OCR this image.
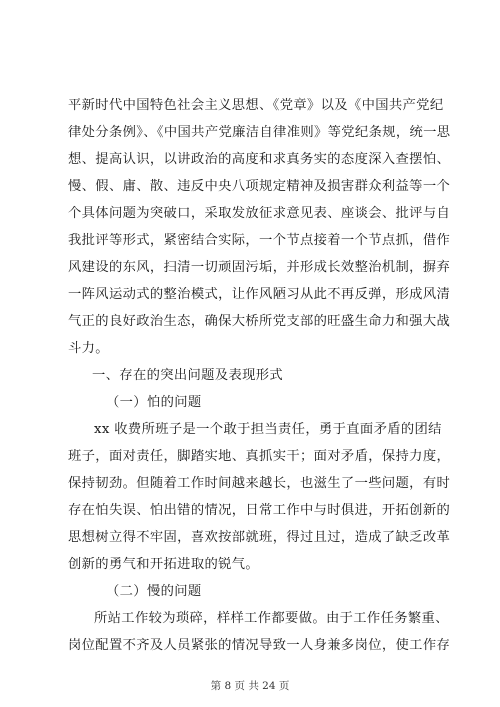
平新时代中国特色社会主义思想、《党章》以及《中国共产党纪
律处分条例》、《中国共产党廉洁自律准则》等党纪条规，统一思
想、提高认识，以讲政治的高度和求真务实的态度深入查摆怕、
慢、假、庸、散、违反中央八项规定精神及损害群众利益等一个
个具体问题为突破口，采取发放征求意见表、座谈会、批评与自
我批评等形式，紧密结合实际，一个节点接着一个节点抓，借作
风建设的东风，扫清一切顽固污垢，并形成长效整治机制，摒弃
一阵风运动式的整治模式，让作风陋习从此不再反弹，形成风清
气正的良好政治生态，确保大桥所党支部的旺盛生命力和强大战
斗力。
一、存在的突出问题及表现形式
（一）怕的问题
xx 收费所班子是一个敢于担当责任，勇于直面矛盾的团结
班子，面对责任，脚踏实地、真抓实干；面对矛盾，保持力度，
保持韧劲。但随着工作时间越来越长，也滋生了一些问题，有时
存在怕失误、怕出错的情况，日常工作中与时俱进，开拓创新的
思想树立得不牢固，喜欢按部就班，得过且过，造成了缺乏改革
创新的勇气和开拓进取的锐气。
（二）慢的问题
所站工作较为琐碎，样样工作都要做。由于工作任务繁重、
岗位配置不齐及人员紧张的情况导致一人身兼多岗位，使工作存
第 8 页 共 24 页
